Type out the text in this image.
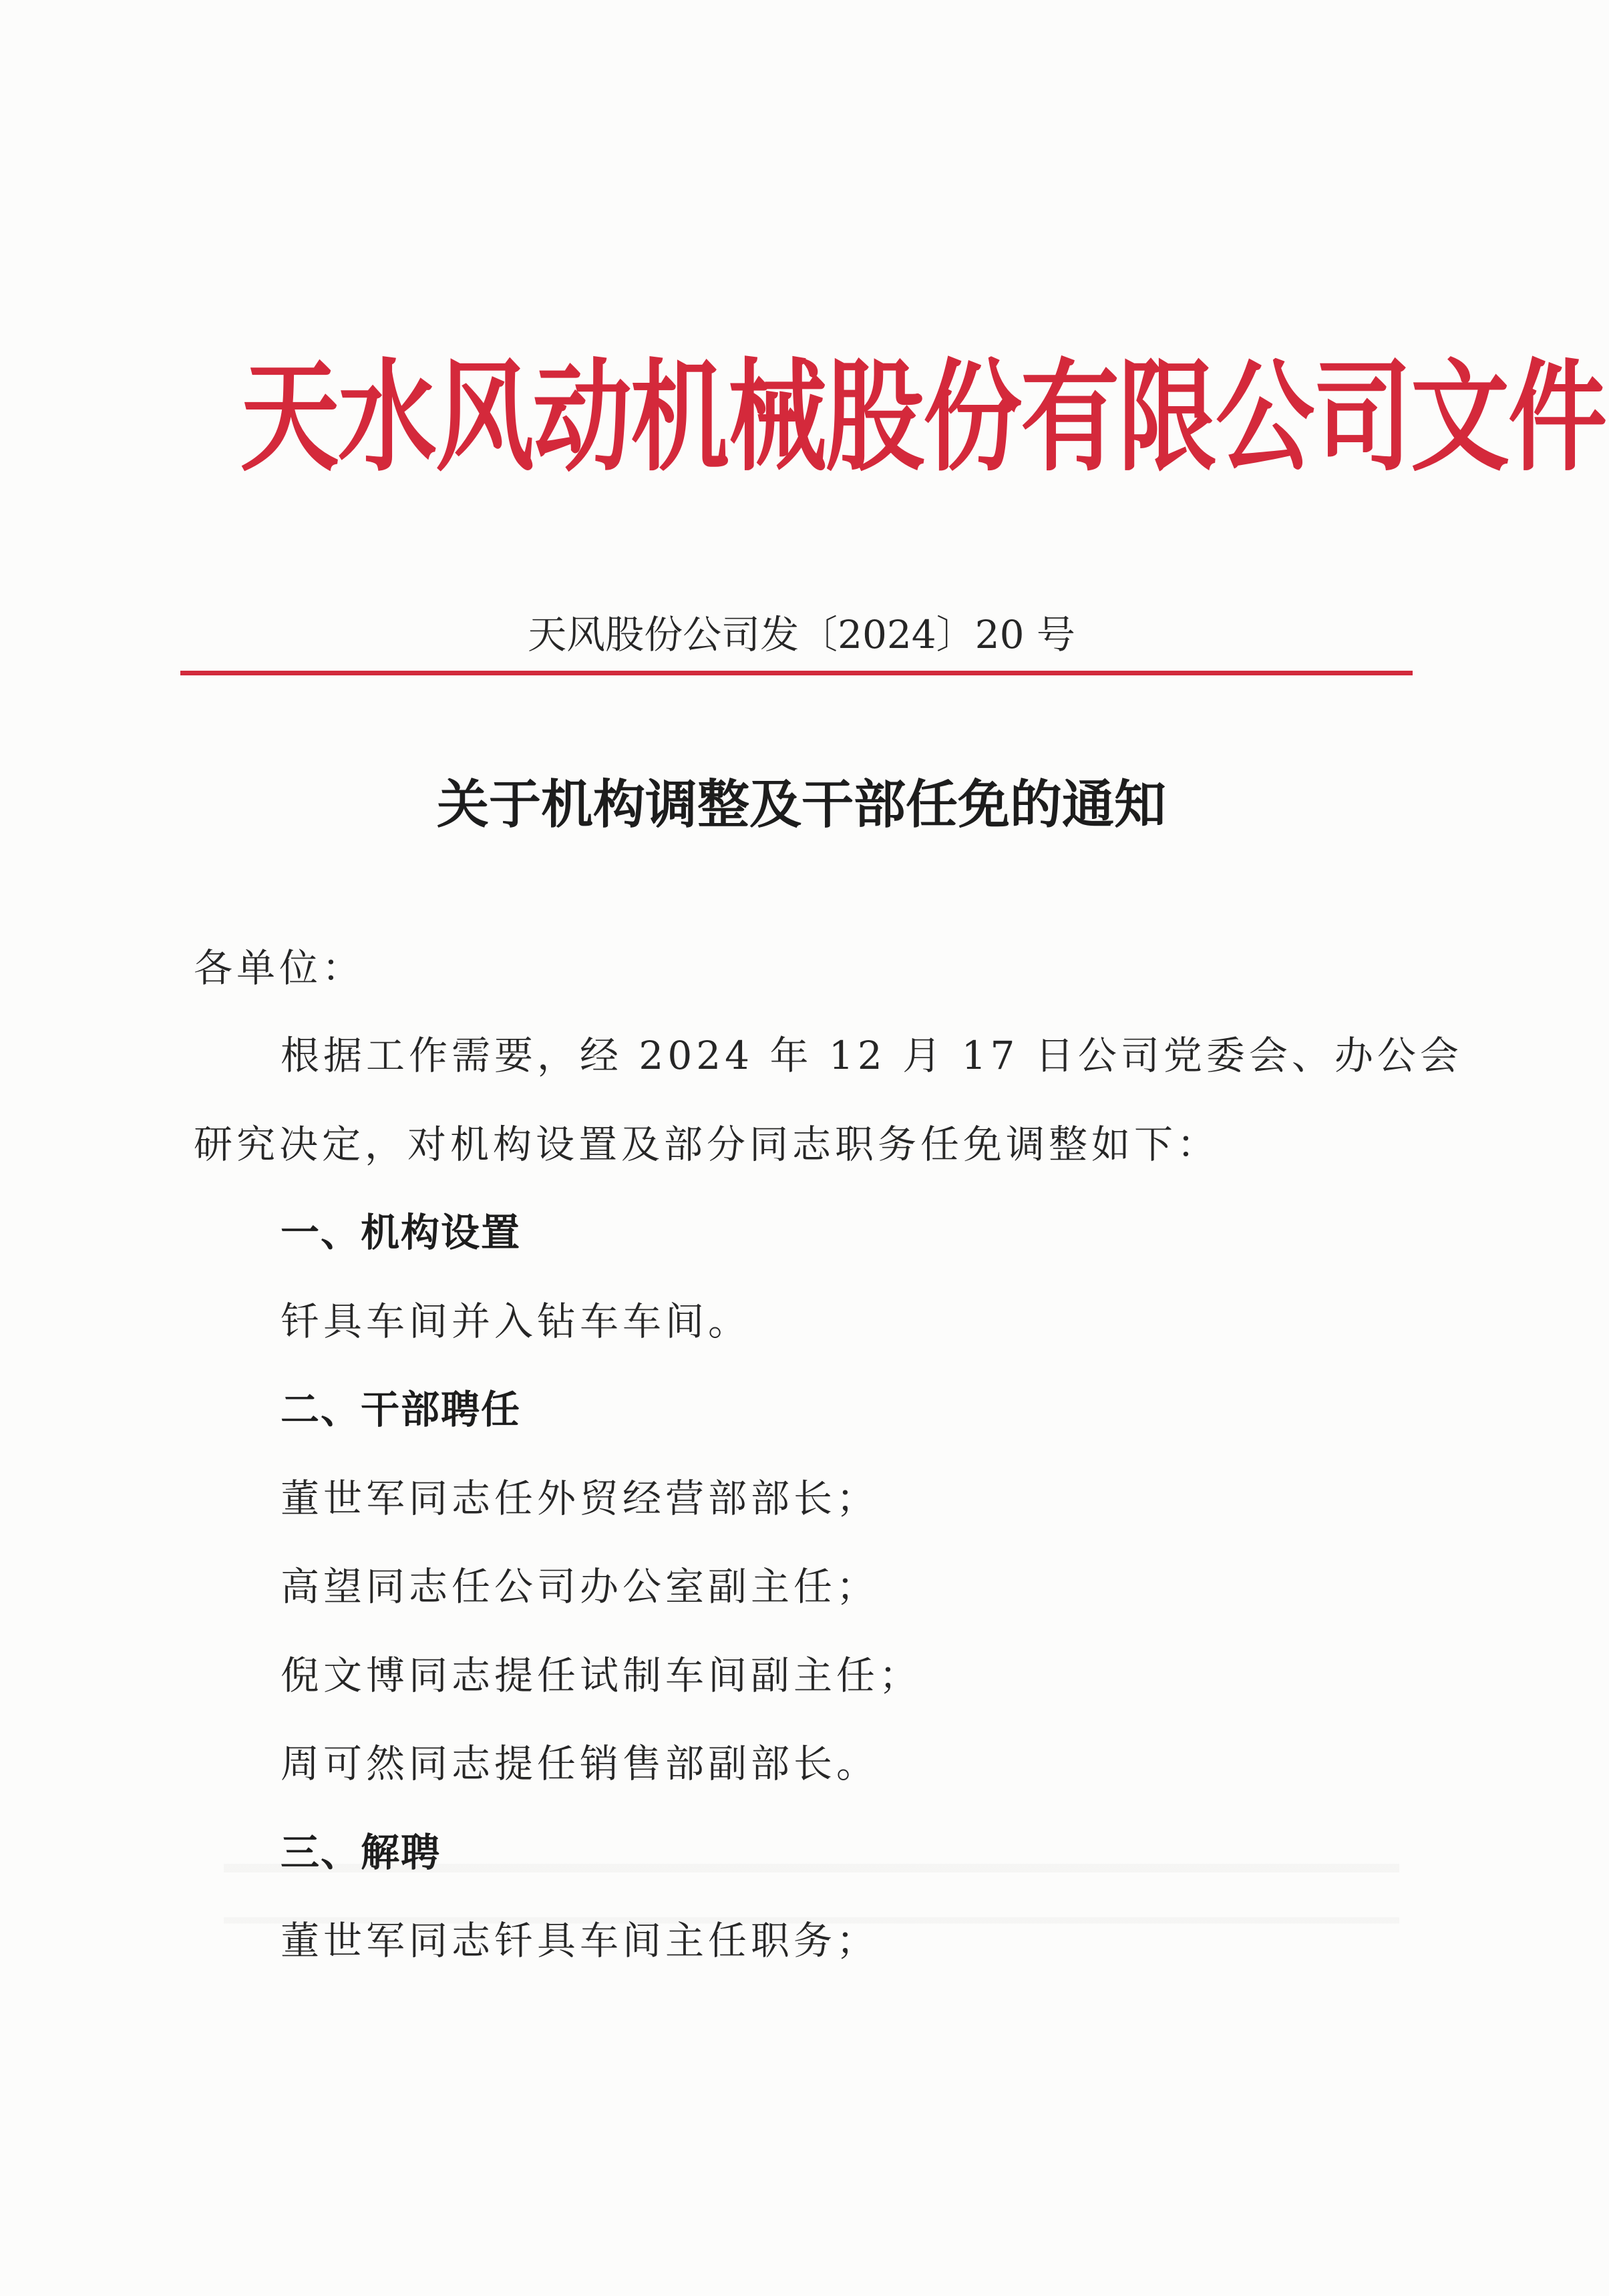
天水风动机械股份有限公司文件
天风股份公司发〔2024〕20 号
关于机构调整及干部任免的通知
各单位：
根据工作需要，经 2024 年 12 月 17 日公司党委会、办公会
研究决定，对机构设置及部分同志职务任免调整如下：
一、机构设置
钎具车间并入钻车车间。
二、干部聘任
董世军同志任外贸经营部部长；
高望同志任公司办公室副主任；
倪文博同志提任试制车间副主任；
周可然同志提任销售部副部长。
三、解聘
董世军同志钎具车间主任职务；
